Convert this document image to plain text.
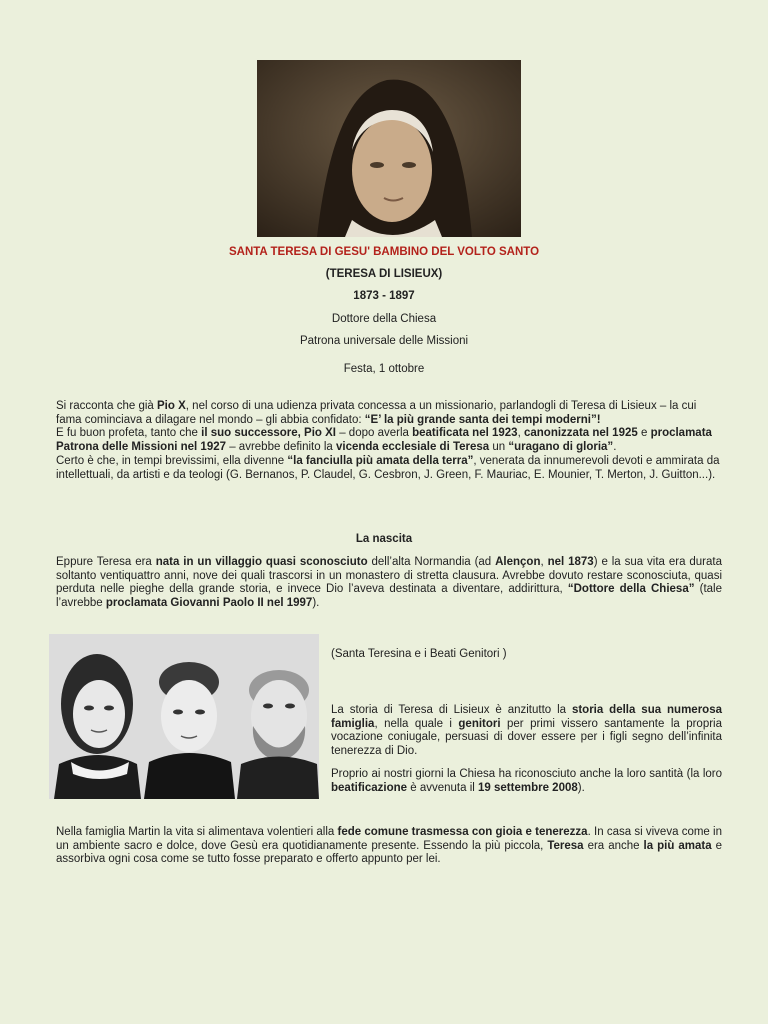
SANTA TERESA DI GESU' BAMBINO DEL VOLTO SANTO
(TERESA DI LISIEUX)
1873 - 1897
Dottore della Chiesa
Patrona universale delle Missioni
Festa, 1 ottobre
Si racconta che già Pio X, nel corso di una udienza privata concessa a un missionario, parlandogli di Teresa di Lisieux – la cui fama cominciava a dilagare nel mondo – gli abbia confidato: “E’ la più grande santa dei tempi moderni”!
E fu buon profeta, tanto che il suo successore, Pio XI – dopo averla beatificata nel 1923, canonizzata nel 1925 e proclamata Patrona delle Missioni nel 1927 – avrebbe definito la vicenda ecclesiale di Teresa un “uragano di gloria”.
Certo è che, in tempi brevissimi, ella divenne “la fanciulla più amata della terra”, venerata da innumerevoli devoti e ammirata da intellettuali, da artisti e da teologi (G. Bernanos, P. Claudel, G. Cesbron, J. Green, F. Mauriac, E. Mounier, T. Merton, J. Guitton...).
La nascita
Eppure Teresa era nata in un villaggio quasi sconosciuto dell’alta Normandia (ad Alençon, nel 1873) e la sua vita era durata soltanto ventiquattro anni, nove dei quali trascorsi in un monastero di stretta clausura. Avrebbe dovuto restare sconosciuta, quasi perduta nelle pieghe della grande storia, e invece Dio l’aveva destinata a diventare, addirittura, “Dottore della Chiesa” (tale l’avrebbe proclamata Giovanni Paolo II nel 1997).
(Santa Teresina e i Beati Genitori )
La storia di Teresa di Lisieux è anzitutto la storia della sua numerosa famiglia, nella quale i genitori per primi vissero santamente la propria vocazione coniugale, persuasi di dover essere per i figli segno dell’infinita tenerezza di Dio.
Proprio ai nostri giorni la Chiesa ha riconosciuto anche la loro santità (la loro beatificazione è avvenuta il 19 settembre 2008).
Nella famiglia Martin la vita si alimentava volentieri alla fede comune trasmessa con gioia e tenerezza. In casa si viveva come in un ambiente sacro e dolce, dove Gesù era quotidianamente presente. Essendo la più piccola, Teresa era anche la più amata e assorbiva ogni cosa come se tutto fosse preparato e offerto appunto per lei.
